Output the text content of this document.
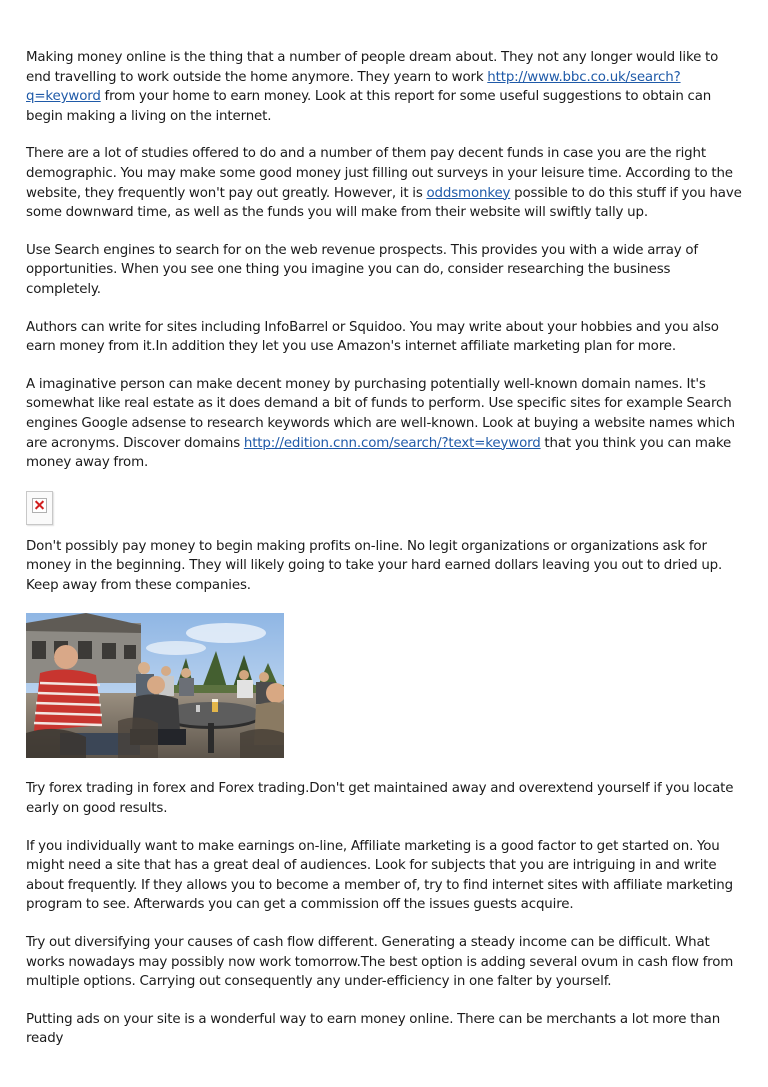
Making money online is the thing that a number of people dream about. They not any longer would like to end travelling to work outside the home anymore. They yearn to work http://www.bbc.co.uk/search?q=keyword from your home to earn money. Look at this report for some useful suggestions to obtain can begin making a living on the internet.

There are a lot of studies offered to do and a number of them pay decent funds in case you are the right demographic. You may make some good money just filling out surveys in your leisure time. According to the website, they frequently won't pay out greatly. However, it is oddsmonkey possible to do this stuff if you have some downward time, as well as the funds you will make from their website will swiftly tally up.

Use Search engines to search for on the web revenue prospects. This provides you with a wide array of opportunities. When you see one thing you imagine you can do, consider researching the business completely.

Authors can write for sites including InfoBarrel or Squidoo. You may write about your hobbies and you also earn money from it.In addition they let you use Amazon's internet affiliate marketing plan for more.

A imaginative person can make decent money by purchasing potentially well-known domain names. It's somewhat like real estate as it does demand a bit of funds to perform. Use specific sites for example Search engines Google adsense to research keywords which are well-known. Look at buying a website names which are acronyms. Discover domains http://edition.cnn.com/search/?text=keyword that you think you can make money away from.

Don't possibly pay money to begin making profits on-line. No legit organizations or organizations ask for money in the beginning. They will likely going to take your hard earned dollars leaving you out to dried up. Keep away from these companies.

Try forex trading in forex and Forex trading.Don't get maintained away and overextend yourself if you locate early on good results.

If you individually want to make earnings on-line, Affiliate marketing is a good factor to get started on. You might need a site that has a great deal of audiences. Look for subjects that you are intriguing in and write about frequently. If they allows you to become a member of, try to find internet sites with affiliate marketing program to see. Afterwards you can get a commission off the issues guests acquire.

Try out diversifying your causes of cash flow different. Generating a steady income can be difficult. What works nowadays may possibly now work tomorrow.The best option is adding several ovum in cash flow from multiple options. Carrying out consequently any under-efficiency in one falter by yourself.

Putting ads on your site is a wonderful way to earn money online. There can be merchants a lot more than ready
